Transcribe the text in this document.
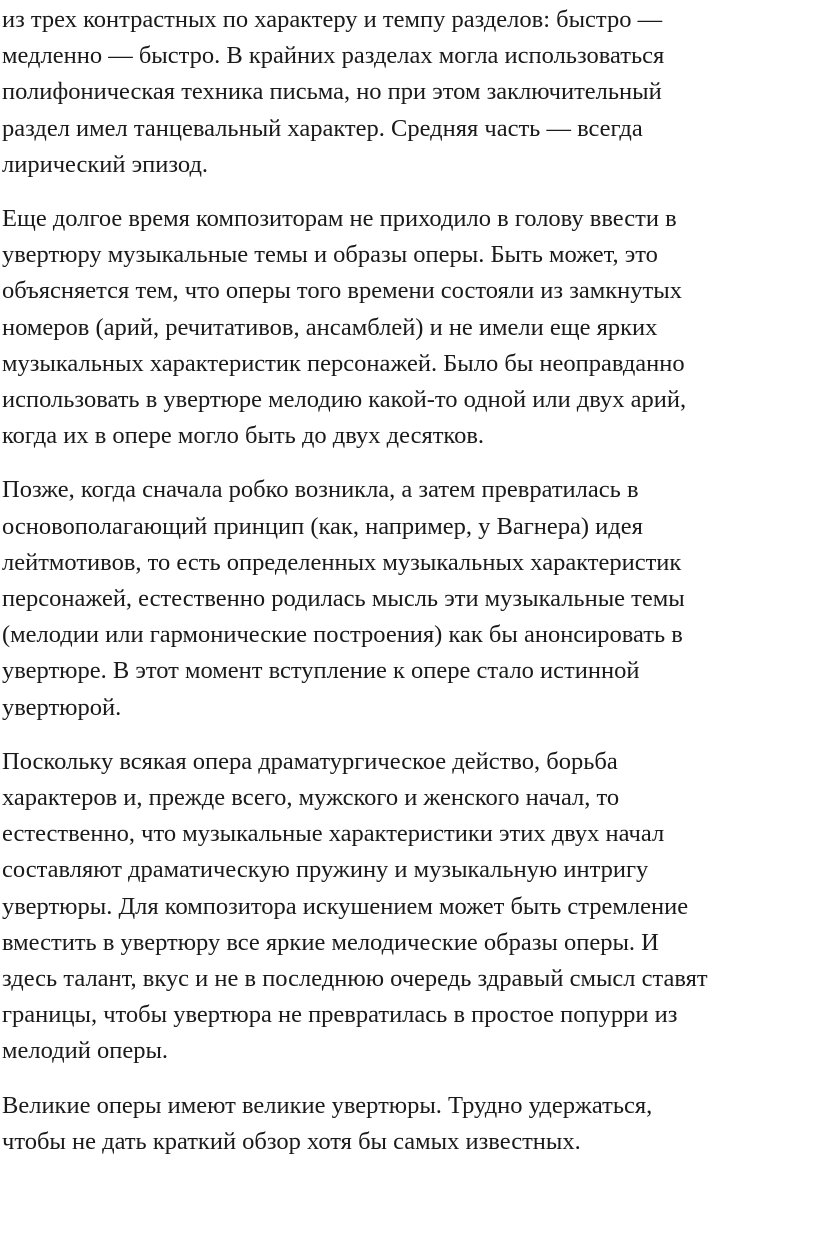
из трех контрастных по характеру и темпу разделов: быстро —
медленно — быстро. В крайних разделах могла использоваться
полифоническая техника письма, но при этом заключительный
раздел имел танцевальный характер. Средняя часть — всегда
лирический эпизод.

Еще долгое время композиторам не приходило в голову ввести в
увертюру музыкальные темы и образы оперы. Быть может, это
объясняется тем, что оперы того времени состояли из замкнутых
номеров (арий, речитативов, ансамблей) и не имели еще ярких
музыкальных характеристик персонажей. Было бы неоправданно
использовать в увертюре мелодию какой-то одной или двух арий,
когда их в опере могло быть до двух десятков.

Позже, когда сначала робко возникла, а затем превратилась в
основополагающий принцип (как, например, у Вагнера) идея
лейтмотивов, то есть определенных музыкальных характеристик
персонажей, естественно родилась мысль эти музыкальные темы
(мелодии или гармонические построения) как бы анонсировать в
увертюре. В этот момент вступление к опере стало истинной
увертюрой.

Поскольку всякая опера драматургическое действо, борьба
характеров и, прежде всего, мужского и женского начал, то
естественно, что музыкальные характеристики этих двух начал
составляют драматическую пружину и музыкальную интригу
увертюры. Для композитора искушением может быть стремление
вместить в увертюру все яркие мелодические образы оперы. И
здесь талант, вкус и не в последнюю очередь здравый смысл ставят
границы, чтобы увертюра не превратилась в простое попурри из
мелодий оперы.

Великие оперы имеют великие увертюры. Трудно удержаться,
чтобы не дать краткий обзор хотя бы самых известных.
